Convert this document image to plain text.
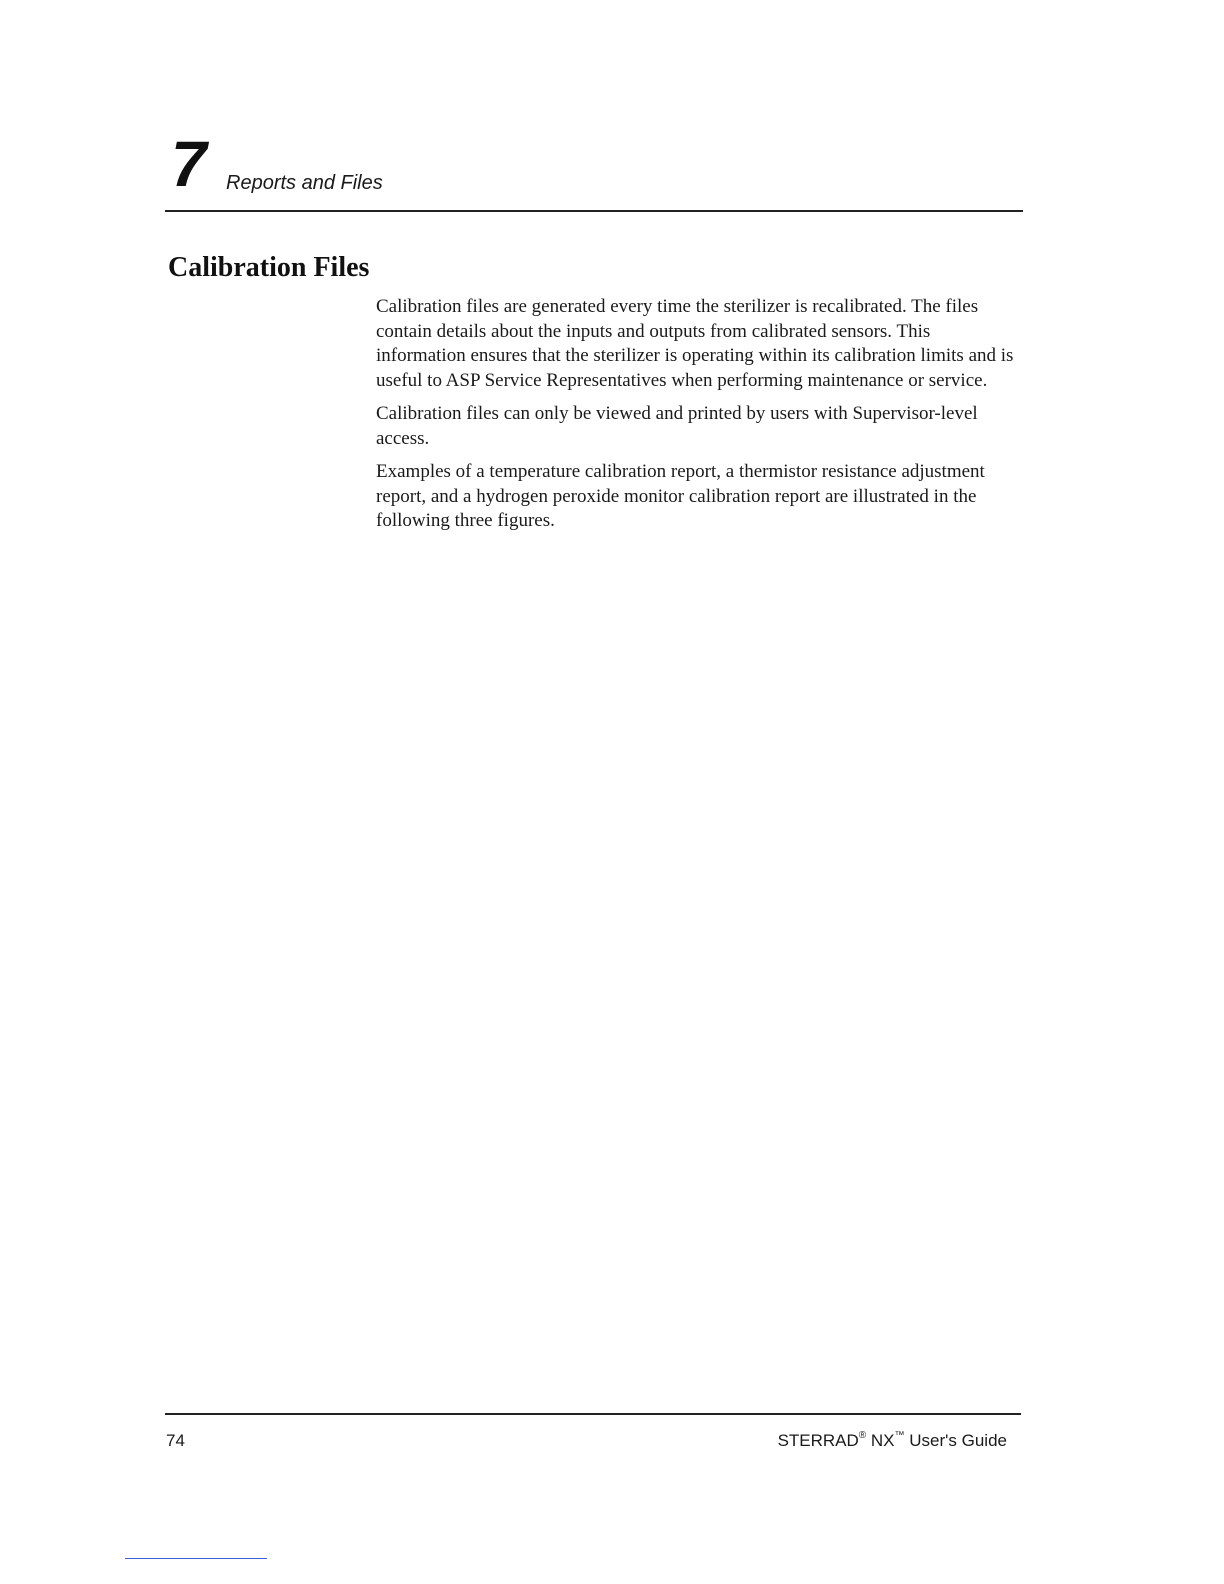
7 Reports and Files
Calibration Files

Calibration files are generated every time the sterilizer is recalibrated. The files contain details about the inputs and outputs from calibrated sensors. This information ensures that the sterilizer is operating within its calibration limits and is useful to ASP Service Representatives when performing maintenance or service.

Calibration files can only be viewed and printed by users with Supervisor-level access.

Examples of a temperature calibration report, a thermistor resistance adjustment report, and a hydrogen peroxide monitor calibration report are illustrated in the following three figures.

74	STERRAD® NX™ User's Guide
